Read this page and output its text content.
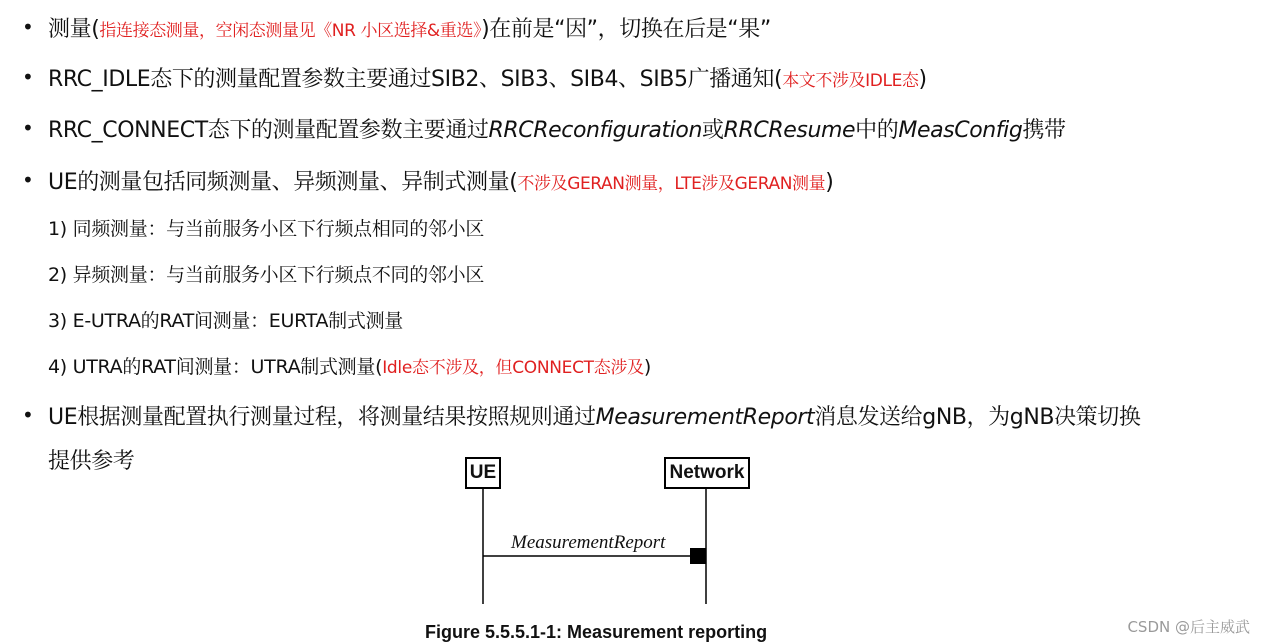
• 测量(指连接态测量，空闲态测量见《NR 小区选择&重选》)在前是“因”，切换在后是“果”
• RRC_IDLE态下的测量配置参数主要通过SIB2、SIB3、SIB4、SIB5广播通知(本文不涉及IDLE态)
• RRC_CONNECT态下的测量配置参数主要通过RRCReconfiguration或RRCResume中的MeasConfig携带
• UE的测量包括同频测量、异频测量、异制式测量(不涉及GERAN测量，LTE涉及GERAN测量)
1) 同频测量：与当前服务小区下行频点相同的邻小区
2) 异频测量：与当前服务小区下行频点不同的邻小区
3) E-UTRA的RAT间测量：EURTA制式测量
4) UTRA的RAT间测量：UTRA制式测量(Idle态不涉及，但CONNECT态涉及)
• UE根据测量配置执行测量过程，将测量结果按照规则通过MeasurementReport消息发送给gNB，为gNB决策切换
提供参考
MeasurementReport
UE	Network
Figure 5.5.5.1-1: Measurement reporting	CSDN @后主威武
